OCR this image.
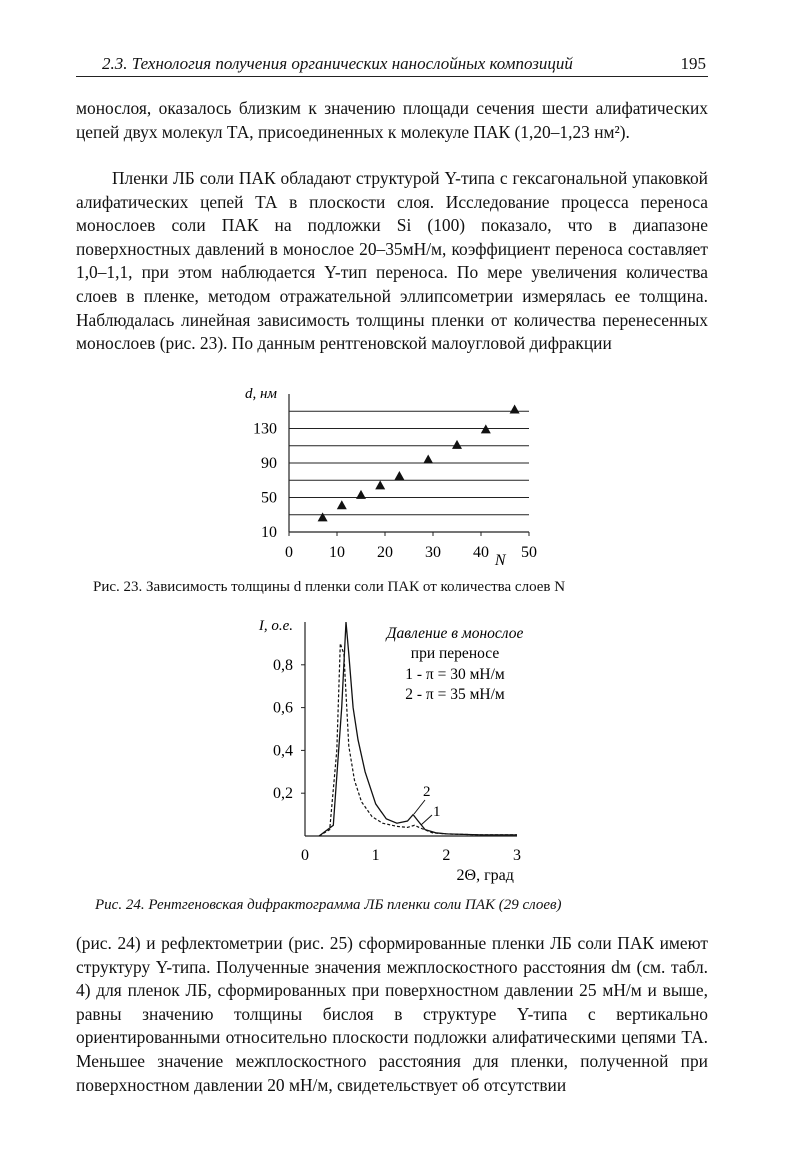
2.3. Технология получения органических нанослойных композиций	195

монослоя, оказалось близким к значению площади сечения шести алифатических цепей двух молекул ТА, присоединенных к молекуле ПАК (1,20–1,23 нм²).

Пленки ЛБ соли ПАК обладают структурой Y-типа с гексагональной упаковкой алифатических цепей ТА в плоскости слоя. Исследование процесса переноса монослоев соли ПАК на подложки Si (100) показало, что в диапазоне поверхностных давлений в монослое 20–35мН/м, коэффициент переноса составляет 1,0–1,1, при этом наблюдается Y-тип переноса. По мере увеличения количества слоев в пленке, методом отражательной эллипсометрии измерялась ее толщина. Наблюдалась линейная зависимость толщины пленки от количества перенесенных монослоев (рис. 23). По данным рентгеновской малоугловой дифракции

0 10 20 30 40 50
10
50
90
130
d, нм
N
Рис. 23. Зависимость толщины d пленки соли ПАК от количества слоев N
0	1	2	3
0,2
0,4
0,6
0,8
I, о.е.
2Θ, град
Давление в монослое
при переносе
1 - π = 30 мН/м
2 - π = 35 мН/м
2
1
Рис. 24. Рентгеновская дифрактограмма ЛБ пленки соли ПАК (29 слоев)

(рис. 24) и рефлектометрии (рис. 25) сформированные пленки ЛБ соли ПАК имеют структуру Y-типа. Полученные значения межплоскостного расстояния dм (см. табл. 4) для пленок ЛБ, сформированных при поверхностном давлении 25 мН/м и выше, равны значению толщины бислоя в структуре Y-типа с вертикально ориентированными относительно плоскости подложки алифатическими цепями ТА. Меньшее значение межплоскостного расстояния для пленки, полученной при поверхностном давлении 20 мН/м, свидетельствует об отсутствии
